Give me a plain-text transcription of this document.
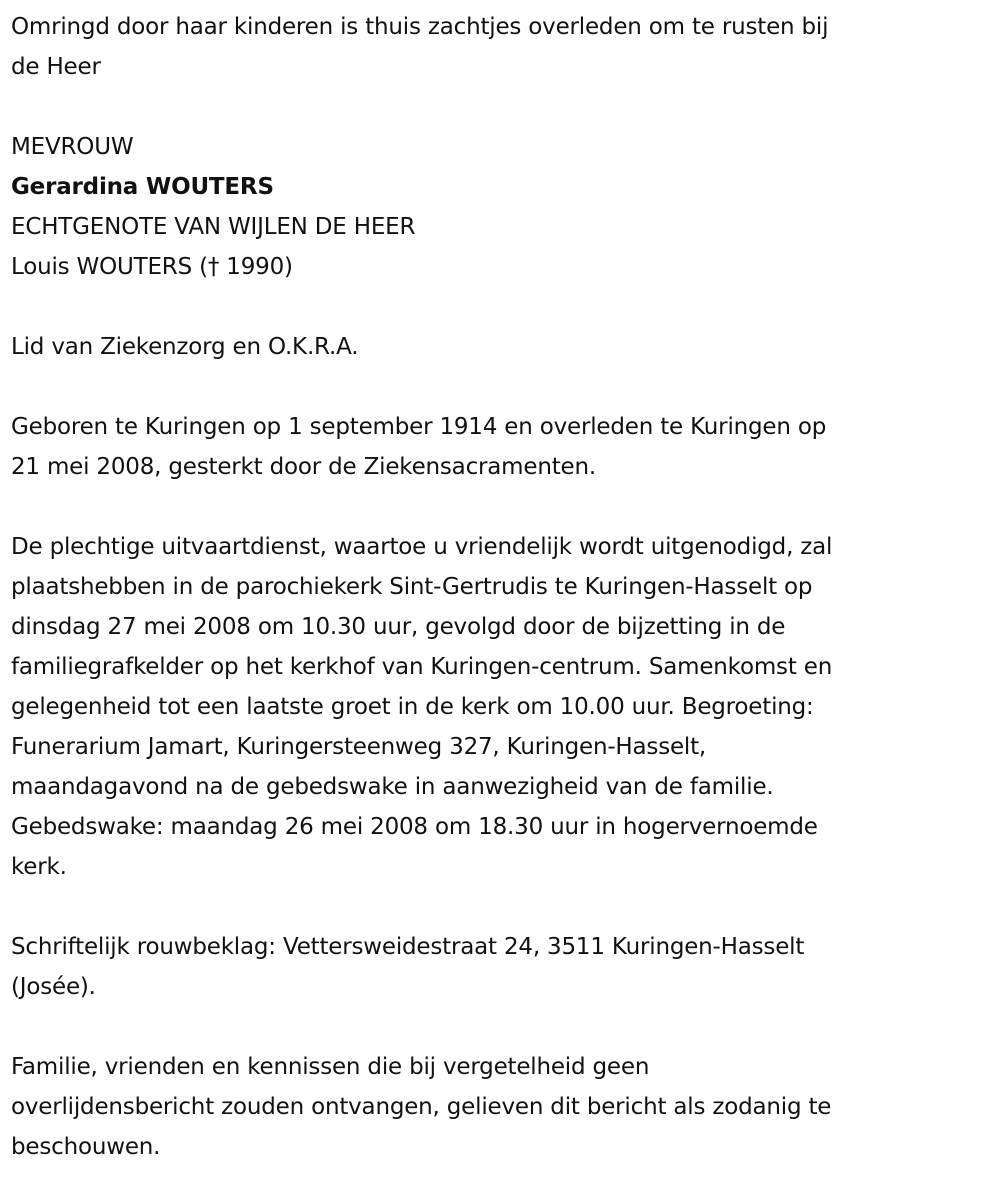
Omringd door haar kinderen is thuis zachtjes overleden om te rusten bij
de Heer

MEVROUW
Gerardina WOUTERS
ECHTGENOTE VAN WIJLEN DE HEER
Louis WOUTERS († 1990)

Lid van Ziekenzorg en O.K.R.A.

Geboren te Kuringen op 1 september 1914 en overleden te Kuringen op
21 mei 2008, gesterkt door de Ziekensacramenten.

De plechtige uitvaartdienst, waartoe u vriendelijk wordt uitgenodigd, zal
plaatshebben in de parochiekerk Sint-Gertrudis te Kuringen-Hasselt op
dinsdag 27 mei 2008 om 10.30 uur, gevolgd door de bijzetting in de
familiegrafkelder op het kerkhof van Kuringen-centrum. Samenkomst en
gelegenheid tot een laatste groet in de kerk om 10.00 uur. Begroeting:
Funerarium Jamart, Kuringersteenweg 327, Kuringen-Hasselt,
maandagavond na de gebedswake in aanwezigheid van de familie.
Gebedswake: maandag 26 mei 2008 om 18.30 uur in hogervernoemde
kerk.

Schriftelijk rouwbeklag: Vettersweidestraat 24, 3511 Kuringen-Hasselt
(Josée).

Familie, vrienden en kennissen die bij vergetelheid geen
overlijdensbericht zouden ontvangen, gelieven dit bericht als zodanig te
beschouwen.
